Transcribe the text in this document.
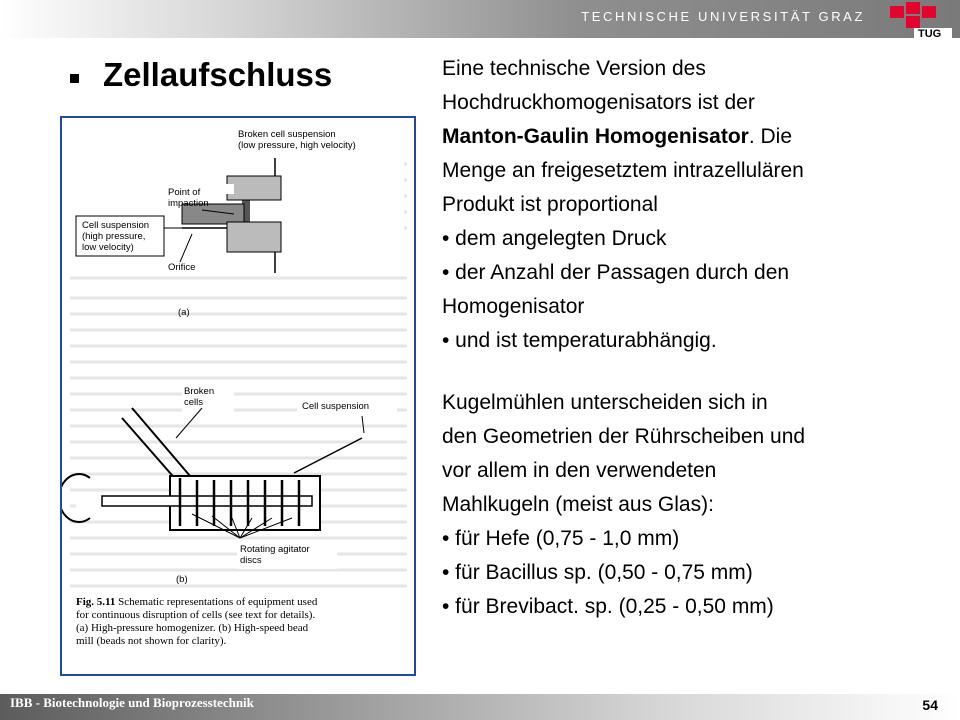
TECHNISCHE UNIVERSITÄT GRAZ
TUG
Zellaufschluss
Broken cell suspension
(low pressure, high velocity)
Point of
impaction
Cell suspension
(high pressure,
low velocity)
Orifice
(a)
Broken
cells	Cell suspension
Rotating agitator
discs
(b)
Fig. 5.11 Schematic representations of equipment used
for continuous disruption of cells (see text for details).
(a) High-pressure homogenizer. (b) High-speed bead
mill (beads not shown for clarity).
Eine technische Version des
Hochdruckhomogenisators ist der
Manton-Gaulin Homogenisator. Die
Menge an freigesetztem intrazellulären
Produkt ist proportional
• dem angelegten Druck
• der Anzahl der Passagen durch den
Homogenisator
• und ist temperaturabhängig.
Kugelmühlen unterscheiden sich in
den Geometrien der Rührscheiben und
vor allem in den verwendeten
Mahlkugeln (meist aus Glas):
• für Hefe (0,75 - 1,0 mm)
• für Bacillus sp. (0,50 - 0,75 mm)
• für Brevibact. sp. (0,25 - 0,50 mm)
IBB - Biotechnologie und Bioprozesstechnik	54
